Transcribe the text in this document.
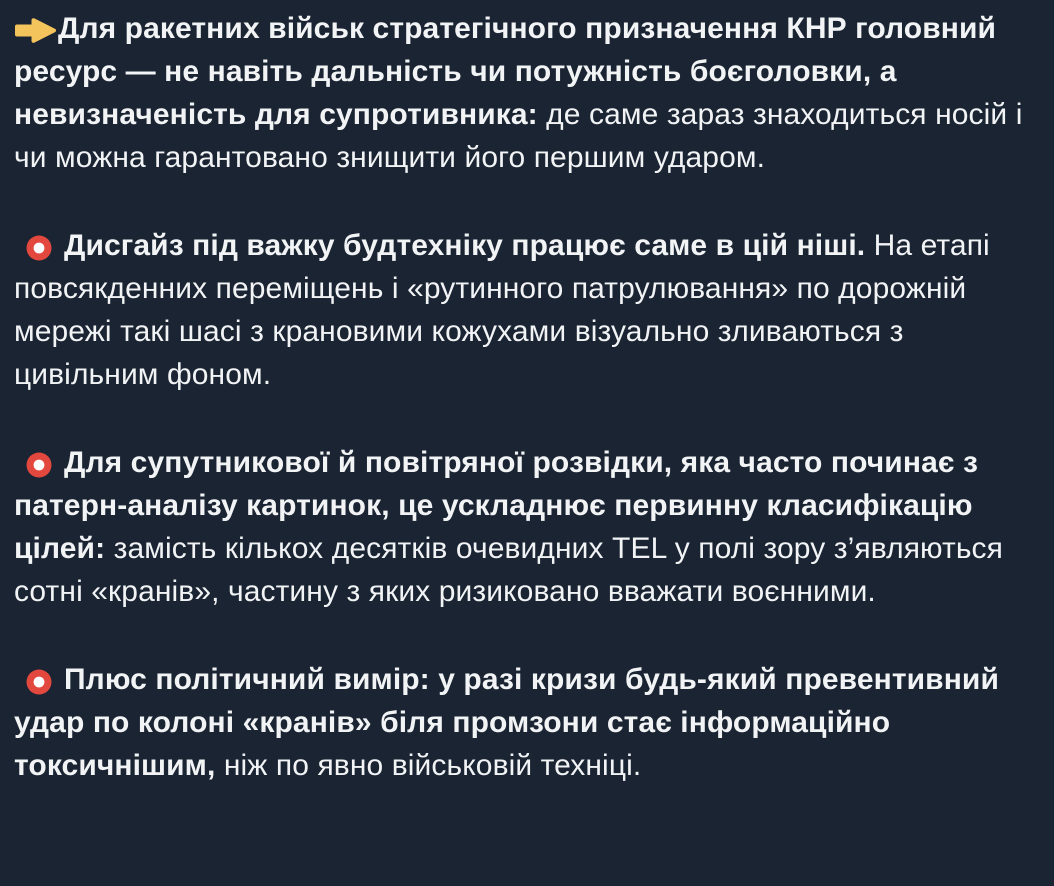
Для ракетних військ стратегічного призначення КНР головний ресурс — не навіть дальність чи потужність боєголовки, а невизначеність для супротивника: де саме зараз знаходиться носій і чи можна гарантовано знищити його першим ударом.

Дисгайз під важку будтехніку працює саме в цій ніші. На етапі повсякденних переміщень і «рутинного патрулювання» по дорожній мережі такі шасі з крановими кожухами візуально зливаються з цивільним фоном.

Для супутникової й повітряної розвідки, яка часто починає з патерн-аналізу картинок, це ускладнює первинну класифікацію цілей: замість кількох десятків очевидних TEL у полі зору з’являються сотні «кранів», частину з яких ризиковано вважати воєнними.

Плюс політичний вимір: у разі кризи будь-який превентивний удар по колоні «кранів» біля промзони стає інформаційно токсичнішим, ніж по явно військовій техніці.
